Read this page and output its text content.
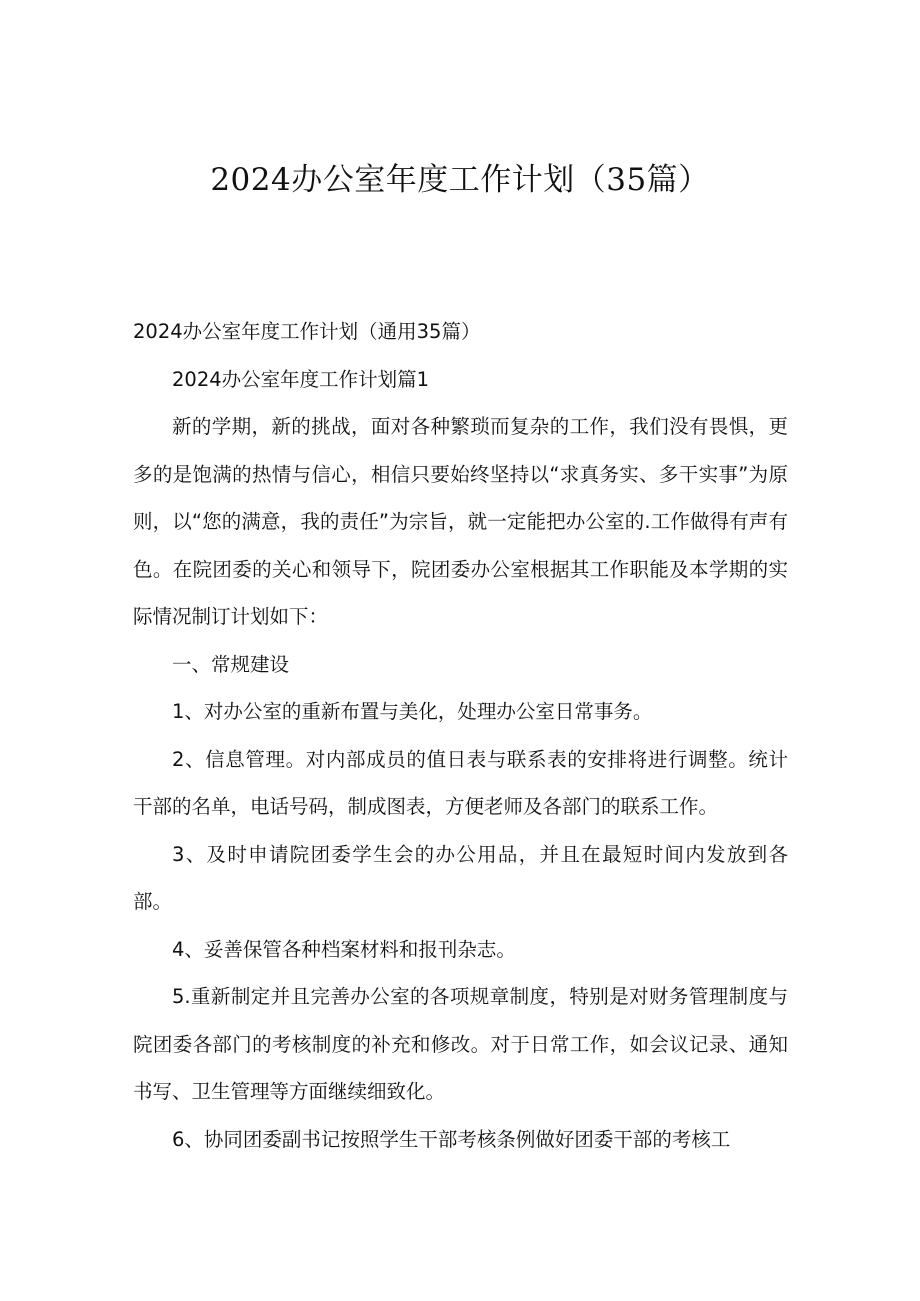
2024办公室年度工作计划（35篇）

2024办公室年度工作计划（通用35篇）

2024办公室年度工作计划篇1

新的学期，新的挑战，面对各种繁琐而复杂的工作，我们没有畏惧，更多的是饱满的热情与信心，相信只要始终坚持以“求真务实、多干实事”为原则，以“您的满意，我的责任”为宗旨，就一定能把办公室的.工作做得有声有色。在院团委的关心和领导下，院团委办公室根据其工作职能及本学期的实际情况制订计划如下：

一、常规建设

1、对办公室的重新布置与美化，处理办公室日常事务。

2、信息管理。对内部成员的值日表与联系表的安排将进行调整。统计干部的名单，电话号码，制成图表，方便老师及各部门的联系工作。

3、及时申请院团委学生会的办公用品，并且在最短时间内发放到各部。

4、妥善保管各种档案材料和报刊杂志。

5.重新制定并且完善办公室的各项规章制度，特别是对财务管理制度与院团委各部门的考核制度的补充和修改。对于日常工作，如会议记录、通知书写、卫生管理等方面继续细致化。

6、协同团委副书记按照学生干部考核条例做好团委干部的考核工
